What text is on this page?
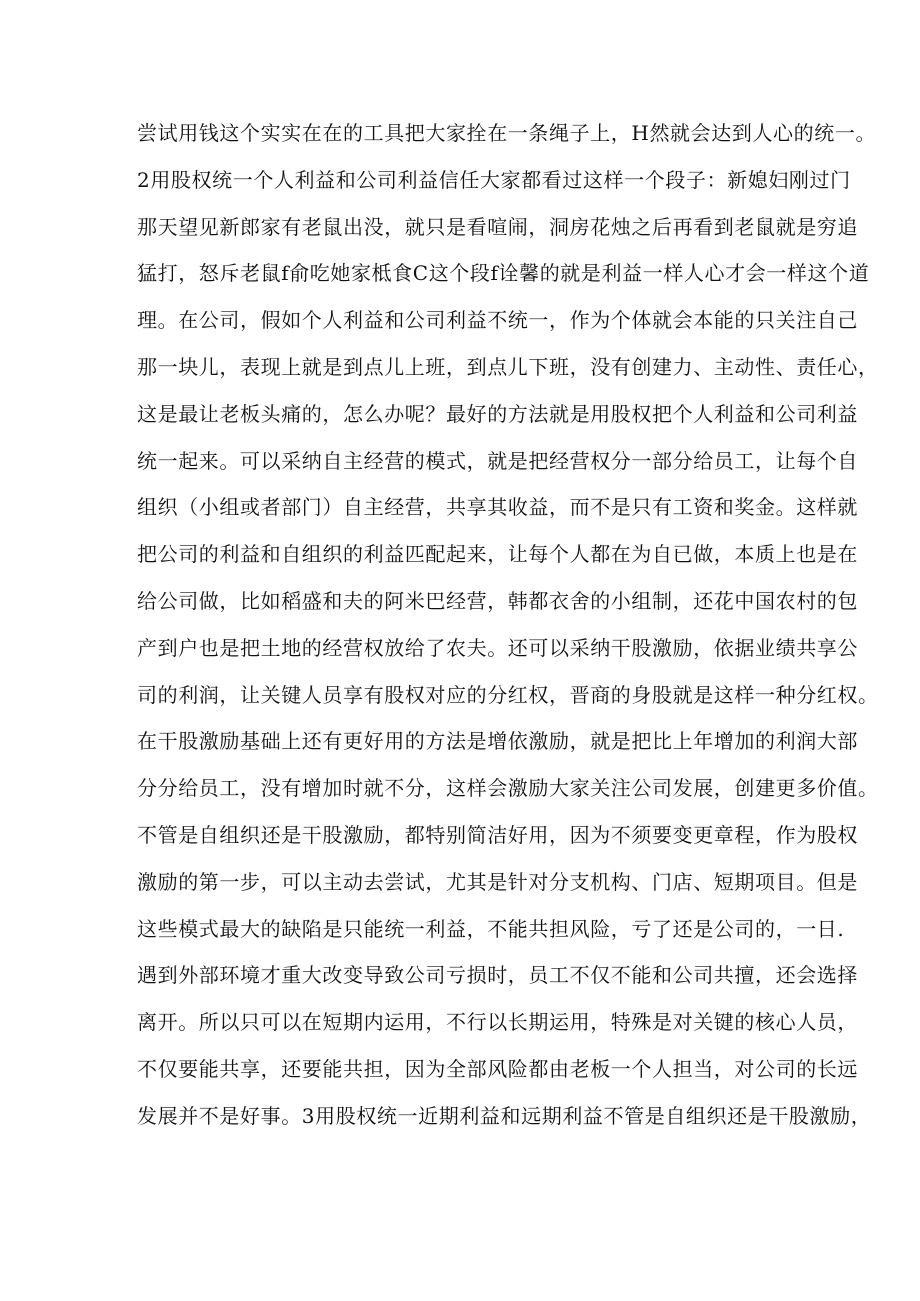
尝试用钱这个实实在在的工具把大家拴在一条绳子上，H然就会达到人心的统一。
2用股权统一个人利益和公司利益信任大家都看过这样一个段子：新媳妇刚过门
那天望见新郎家有老鼠出没，就只是看喧闹，洞房花烛之后再看到老鼠就是穷追
猛打，怒斥老鼠f俞吃她家柢食C这个段f诠馨的就是利益一样人心才会一样这个道
理。在公司，假如个人利益和公司利益不统一，作为个体就会本能的只关注自己
那一块儿，表现上就是到点儿上班，到点儿下班，没有创建力、主动性、责任心，
这是最让老板头痛的，怎么办呢？最好的方法就是用股权把个人利益和公司利益
统一起来。可以采纳自主经营的模式，就是把经营权分一部分给员工，让每个自
组织（小组或者部门）自主经营，共享其收益，而不是只有工资和奖金。这样就
把公司的利益和自组织的利益匹配起来，让每个人都在为自已做，本质上也是在
给公司做，比如稻盛和夫的阿米巴经营，韩都衣舍的小组制，还花中国农村的包
产到户也是把土地的经营权放给了农夫。还可以采纳干股激励，依据业绩共享公
司的利润，让关键人员享有股权对应的分红权，晋商的身股就是这样一种分红权。
在干股激励基础上还有更好用的方法是增依激励，就是把比上年增加的利润大部
分分给员工，没有增加时就不分，这样会激励大家关注公司发展，创建更多价值。
不管是自组织还是干股激励，都特别简洁好用，因为不须要变更章程，作为股权
激励的第一步，可以主动去尝试，尤其是针对分支机构、门店、短期项目。但是
这些模式最大的缺陷是只能统一利益，不能共担风险，亏了还是公司的，一日.
遇到外部环境才重大改变导致公司亏损时，员工不仅不能和公司共擅，还会选择
离开。所以只可以在短期内运用，不行以长期运用，特殊是对关键的核心人员，
不仅要能共享，还要能共担，因为全部风险都由老板一个人担当，对公司的长远
发展并不是好事。3用股权统一近期利益和远期利益不管是自组织还是干股激励，
